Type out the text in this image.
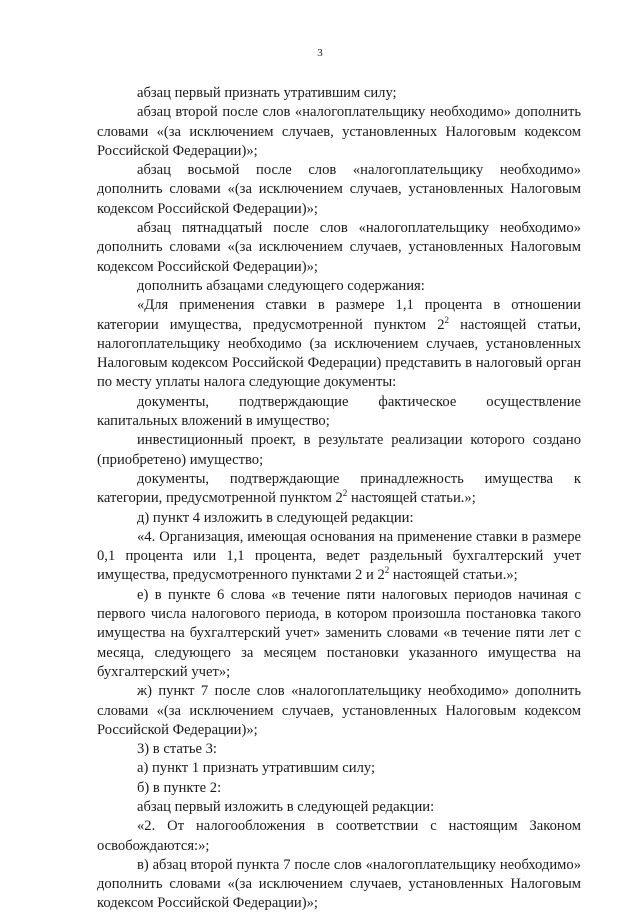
3

абзац первый признать утратившим силу;

абзац второй после слов «налогоплательщику необходимо» дополнить словами «(за исключением случаев, установленных Налоговым кодексом Российской Федерации)»;

абзац восьмой после слов «налогоплательщику необходимо» дополнить словами «(за исключением случаев, установленных Налоговым кодексом Российской Федерации)»;

абзац пятнадцатый после слов «налогоплательщику необходимо» дополнить словами «(за исключением случаев, установленных Налоговым кодексом Российской Федерации)»;

дополнить абзацами следующего содержания:

«Для применения ставки в размере 1,1 процента в отношении категории имущества, предусмотренной пунктом $2^2$ настоящей статьи, налогоплательщику необходимо (за исключением случаев, установленных Налоговым кодексом Российской Федерации) представить в налоговый орган по месту уплаты налога следующие документы:

документы, подтверждающие фактическое осуществление капитальных вложений в имущество;

инвестиционный проект, в результате реализации которого создано (приобретено) имущество;

документы, подтверждающие принадлежность имущества к категории, предусмотренной пунктом $2^2$ настоящей статьи.»;

д) пункт 4 изложить в следующей редакции:

«4. Организация, имеющая основания на применение ставки в размере 0,1 процента или 1,1 процента, ведет раздельный бухгалтерский учет имущества, предусмотренного пунктами 2 и $2^2$ настоящей статьи.»;

е) в пункте 6 слова «в течение пяти налоговых периодов начиная с первого числа налогового периода, в котором произошла постановка такого имущества на бухгалтерский учет» заменить словами «в течение пяти лет с месяца, следующего за месяцем постановки указанного имущества на бухгалтерский учет»;

ж) пункт 7 после слов «налогоплательщику необходимо» дополнить словами «(за исключением случаев, установленных Налоговым кодексом Российской Федерации)»;

3) в статье 3:

а) пункт 1 признать утратившим силу;

б) в пункте 2:

абзац первый изложить в следующей редакции:

«2. От налогообложения в соответствии с настоящим Законом освобождаются:»;

в) абзац второй пункта 7 после слов «налогоплательщику необходимо» дополнить словами «(за исключением случаев, установленных Налоговым кодексом Российской Федерации)»;
